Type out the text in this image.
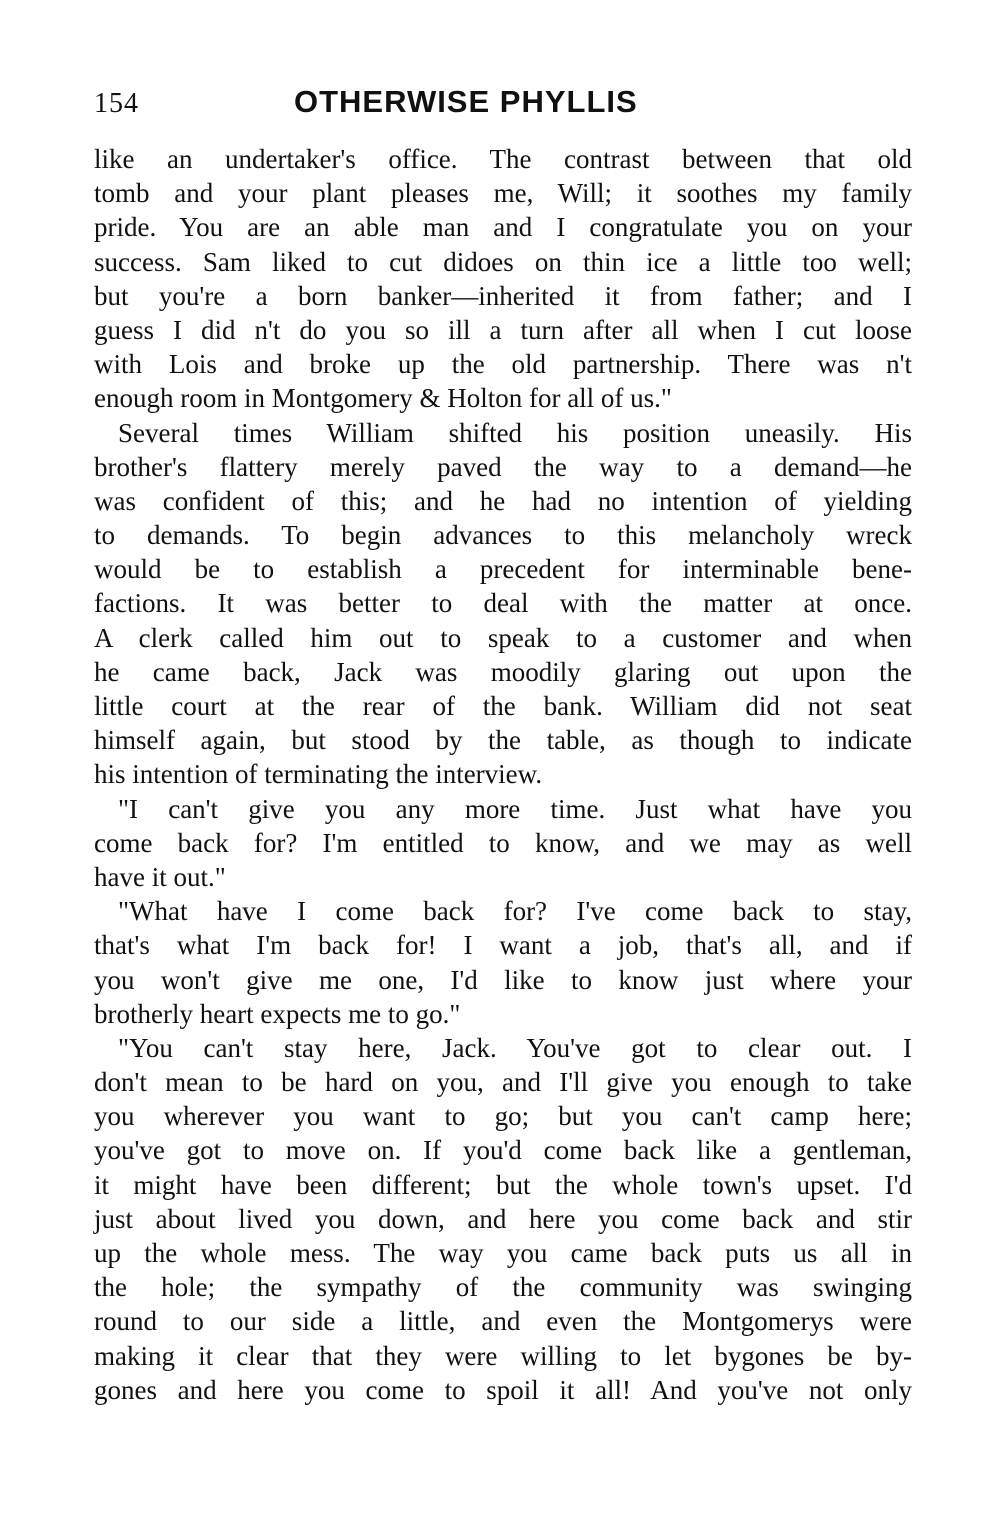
154	OTHERWISE PHYLLIS
like an undertaker's office. The contrast between that old
tomb and your plant pleases me, Will; it soothes my family
pride. You are an able man and I congratulate you on your
success. Sam liked to cut didoes on thin ice a little too well;
but you're a born banker—inherited it from father; and I
guess I did n't do you so ill a turn after all when I cut loose
with Lois and broke up the old partnership. There was n't
enough room in Montgomery & Holton for all of us."
Several times William shifted his position uneasily. His
brother's flattery merely paved the way to a demand—he
was confident of this; and he had no intention of yielding
to demands. To begin advances to this melancholy wreck
would be to establish a precedent for interminable bene-
factions. It was better to deal with the matter at once.
A clerk called him out to speak to a customer and when
he came back, Jack was moodily glaring out upon the
little court at the rear of the bank. William did not seat
himself again, but stood by the table, as though to indicate
his intention of terminating the interview.
"I can't give you any more time. Just what have you
come back for? I'm entitled to know, and we may as well
have it out."
"What have I come back for? I've come back to stay,
that's what I'm back for! I want a job, that's all, and if
you won't give me one, I'd like to know just where your
brotherly heart expects me to go."
"You can't stay here, Jack. You've got to clear out. I
don't mean to be hard on you, and I'll give you enough to take
you wherever you want to go; but you can't camp here;
you've got to move on. If you'd come back like a gentleman,
it might have been different; but the whole town's upset. I'd
just about lived you down, and here you come back and stir
up the whole mess. The way you came back puts us all in
the hole; the sympathy of the community was swinging
round to our side a little, and even the Montgomerys were
making it clear that they were willing to let bygones be by-
gones and here you come to spoil it all! And you've not only
